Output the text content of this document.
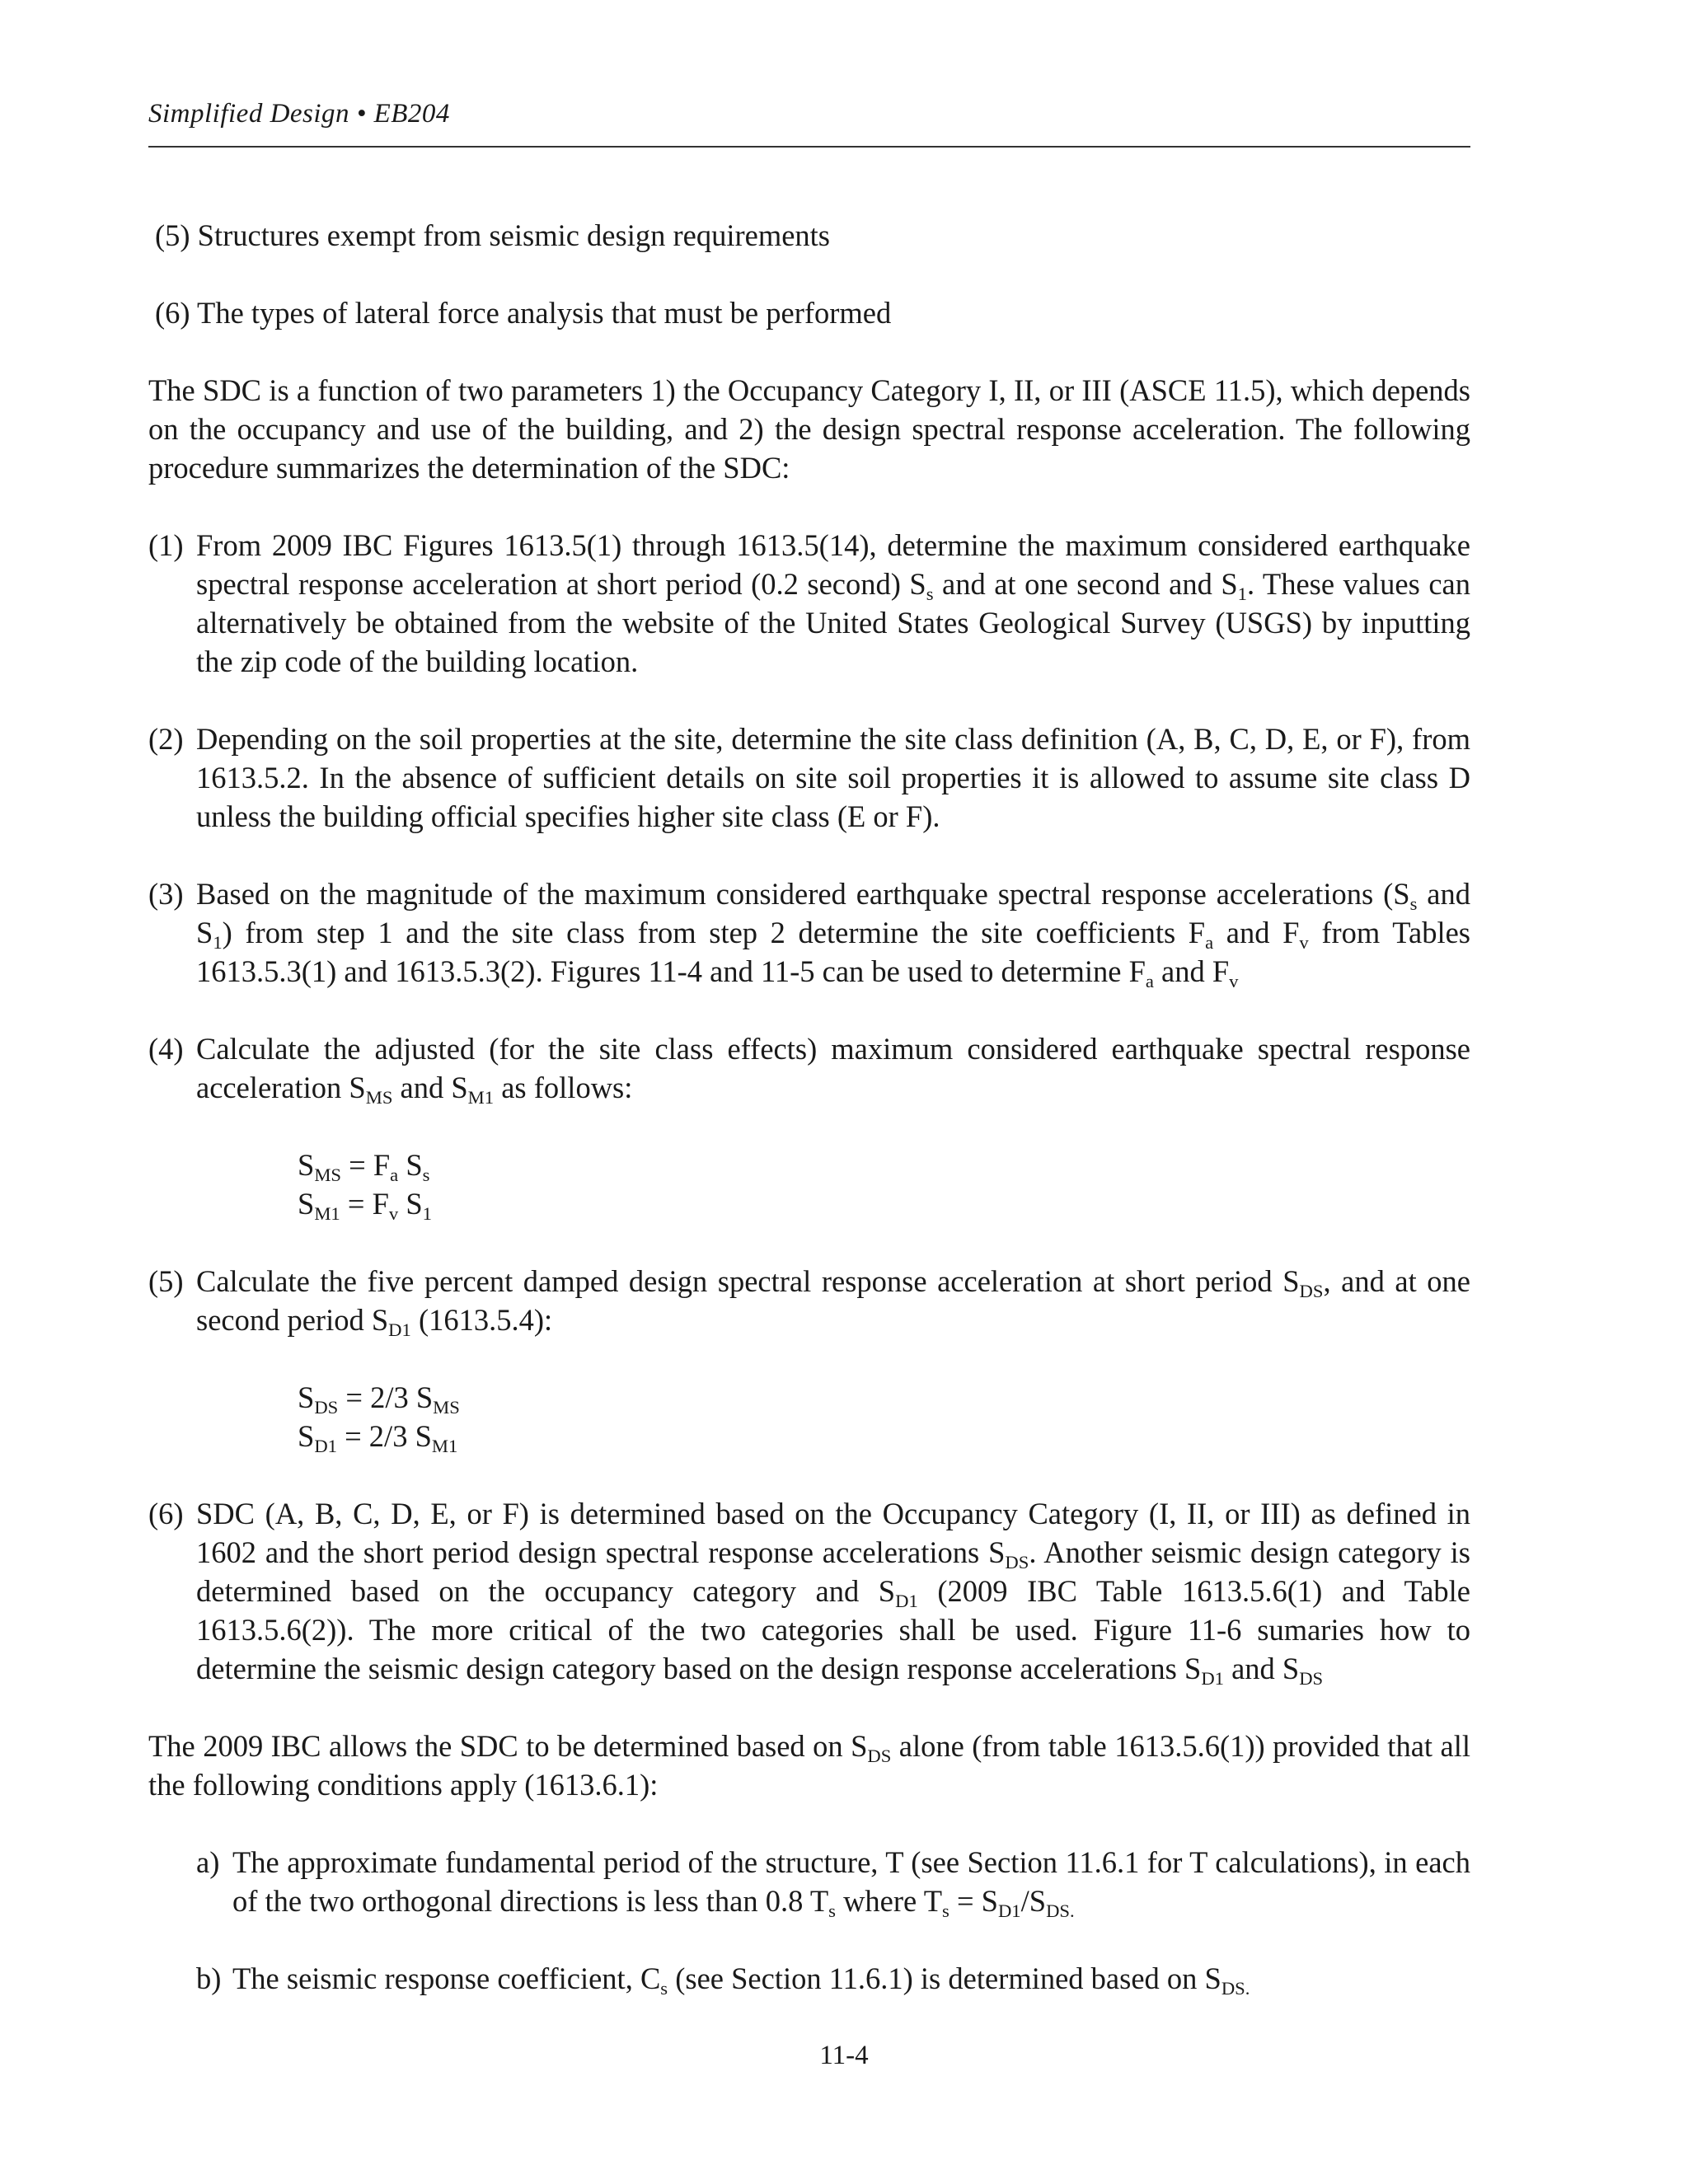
Simplified Design • EB204

(5) Structures exempt from seismic design requirements

(6) The types of lateral force analysis that must be performed

The SDC is a function of two parameters 1) the Occupancy Category I, II, or III (ASCE 11.5), which depends on the occupancy and use of the building, and 2) the design spectral response acceleration. The following procedure summarizes the determination of the SDC:

(1) From 2009 IBC Figures 1613.5(1) through 1613.5(14), determine the maximum considered earthquake spectral response acceleration at short period (0.2 second) $S_s$ and at one second and $S_1$. These values can alternatively be obtained from the website of the United States Geological Survey (USGS) by inputting the zip code of the building location.
(2) Depending on the soil properties at the site, determine the site class definition (A, B, C, D, E, or F), from 1613.5.2. In the absence of sufficient details on site soil properties it is allowed to assume site class D unless the building official specifies higher site class (E or F).
(3) Based on the magnitude of the maximum considered earthquake spectral response accelerations ($S_s$ and $S_1$) from step 1 and the site class from step 2 determine the site coefficients $F_a$ and $F_v$ from Tables 1613.5.3(1) and 1613.5.3(2). Figures 11-4 and 11-5 can be used to determine $F_a$ and $F_v$
(4) Calculate the adjusted (for the site class effects) maximum considered earthquake spectral response acceleration $S_{MS}$ and $S_{M1}$ as follows:
$S_{MS} = F_a$ $S_s$
$S_{M1} = F_v$ $S_1$
(5) Calculate the five percent damped design spectral response acceleration at short period $S_{DS}$, and at one second period $S_{D1}$ (1613.5.4):
$S_{DS} = 2/3$ $S_{MS}$
$S_{D1} = 2/3$ $S_{M1}$
(6) SDC (A, B, C, D, E, or F) is determined based on the Occupancy Category (I, II, or III) as defined in 1602 and the short period design spectral response accelerations $S_{DS}$. Another seismic design category is determined based on the occupancy category and $S_{D1}$ (2009 IBC Table 1613.5.6(1) and Table 1613.5.6(2)). The more critical of the two categories shall be used. Figure 11-6 sumaries how to determine the seismic design category based on the design response accelerations $S_{D1}$ and $S_{DS}$

The 2009 IBC allows the SDC to be determined based on $S_{DS}$ alone (from table 1613.5.6(1)) provided that all the following conditions apply (1613.6.1):

a) The approximate fundamental period of the structure, T (see Section 11.6.1 for T calculations), in each of the two orthogonal directions is less than 0.8 $T_s$ where $T_s = S_{D1}/S_{DS.}$
b) The seismic response coefficient, $C_s$ (see Section 11.6.1) is determined based on $S_{DS.}$
11-4
